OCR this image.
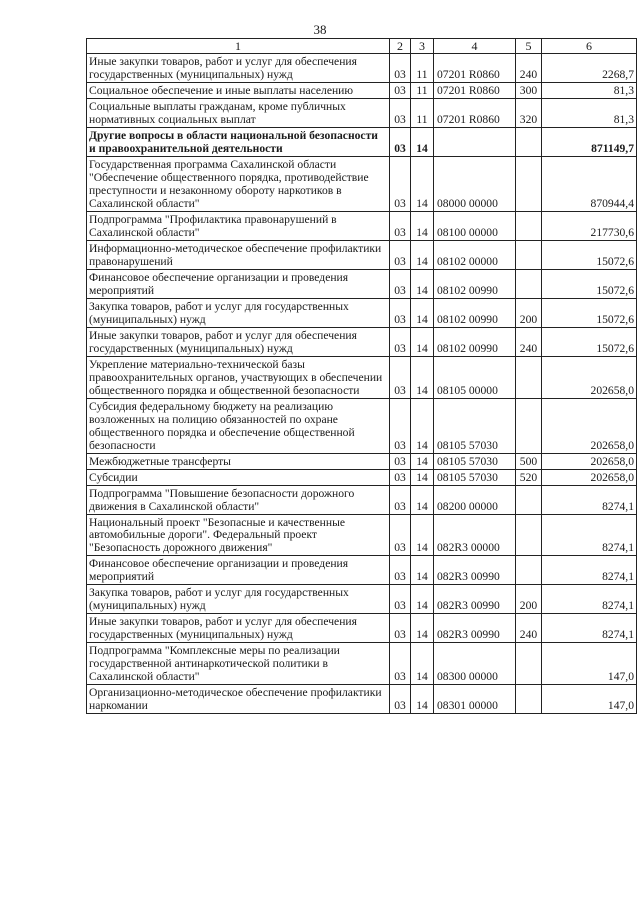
38
1	2	3	4	5	6
Иные закупки товаров, работ и услуг для обеспечения государственных (муниципальных) нужд	03	11	07201 R0860	240	2268,7
Социальное обеспечение и иные выплаты населению	03	11	07201 R0860	300	81,3
Социальные выплаты гражданам, кроме публичных нормативных социальных выплат	03	11	07201 R0860	320	81,3
Другие вопросы в области национальной безопасности и правоохранительной деятельности	03	14			871149,7
Государственная программа Сахалинской области "Обеспечение общественного порядка, противодействие преступности и незаконному обороту наркотиков в Сахалинской области"	03	14	08000 00000		870944,4
Подпрограмма "Профилактика правонарушений в Сахалинской области"	03	14	08100 00000		217730,6
Информационно-методическое обеспечение профилактики правонарушений	03	14	08102 00000		15072,6
Финансовое обеспечение организации и проведения мероприятий	03	14	08102 00990		15072,6
Закупка товаров, работ и услуг для государственных (муниципальных) нужд	03	14	08102 00990	200	15072,6
Иные закупки товаров, работ и услуг для обеспечения государственных (муниципальных) нужд	03	14	08102 00990	240	15072,6
Укрепление материально-технической базы правоохранительных органов, участвующих в обеспечении общественного порядка и общественной безопасности	03	14	08105 00000		202658,0
Субсидия федеральному бюджету на реализацию возложенных на полицию обязанностей по охране общественного порядка и обеспечение общественной безопасности	03	14	08105 57030		202658,0
Межбюджетные трансферты	03	14	08105 57030	500	202658,0
Субсидии	03	14	08105 57030	520	202658,0
Подпрограмма "Повышение безопасности дорожного движения в Сахалинской области"	03	14	08200 00000		8274,1
Национальный проект "Безопасные и качественные автомобильные дороги". Федеральный проект "Безопасность дорожного движения"	03	14	082R3 00000		8274,1
Финансовое обеспечение организации и проведения мероприятий	03	14	082R3 00990		8274,1
Закупка товаров, работ и услуг для государственных (муниципальных) нужд	03	14	082R3 00990	200	8274,1
Иные закупки товаров, работ и услуг для обеспечения государственных (муниципальных) нужд	03	14	082R3 00990	240	8274,1
Подпрограмма "Комплексные меры по реализации государственной антинаркотической политики в Сахалинской области"	03	14	08300 00000		147,0
Организационно-методическое обеспечение профилактики наркомании	03	14	08301 00000		147,0
